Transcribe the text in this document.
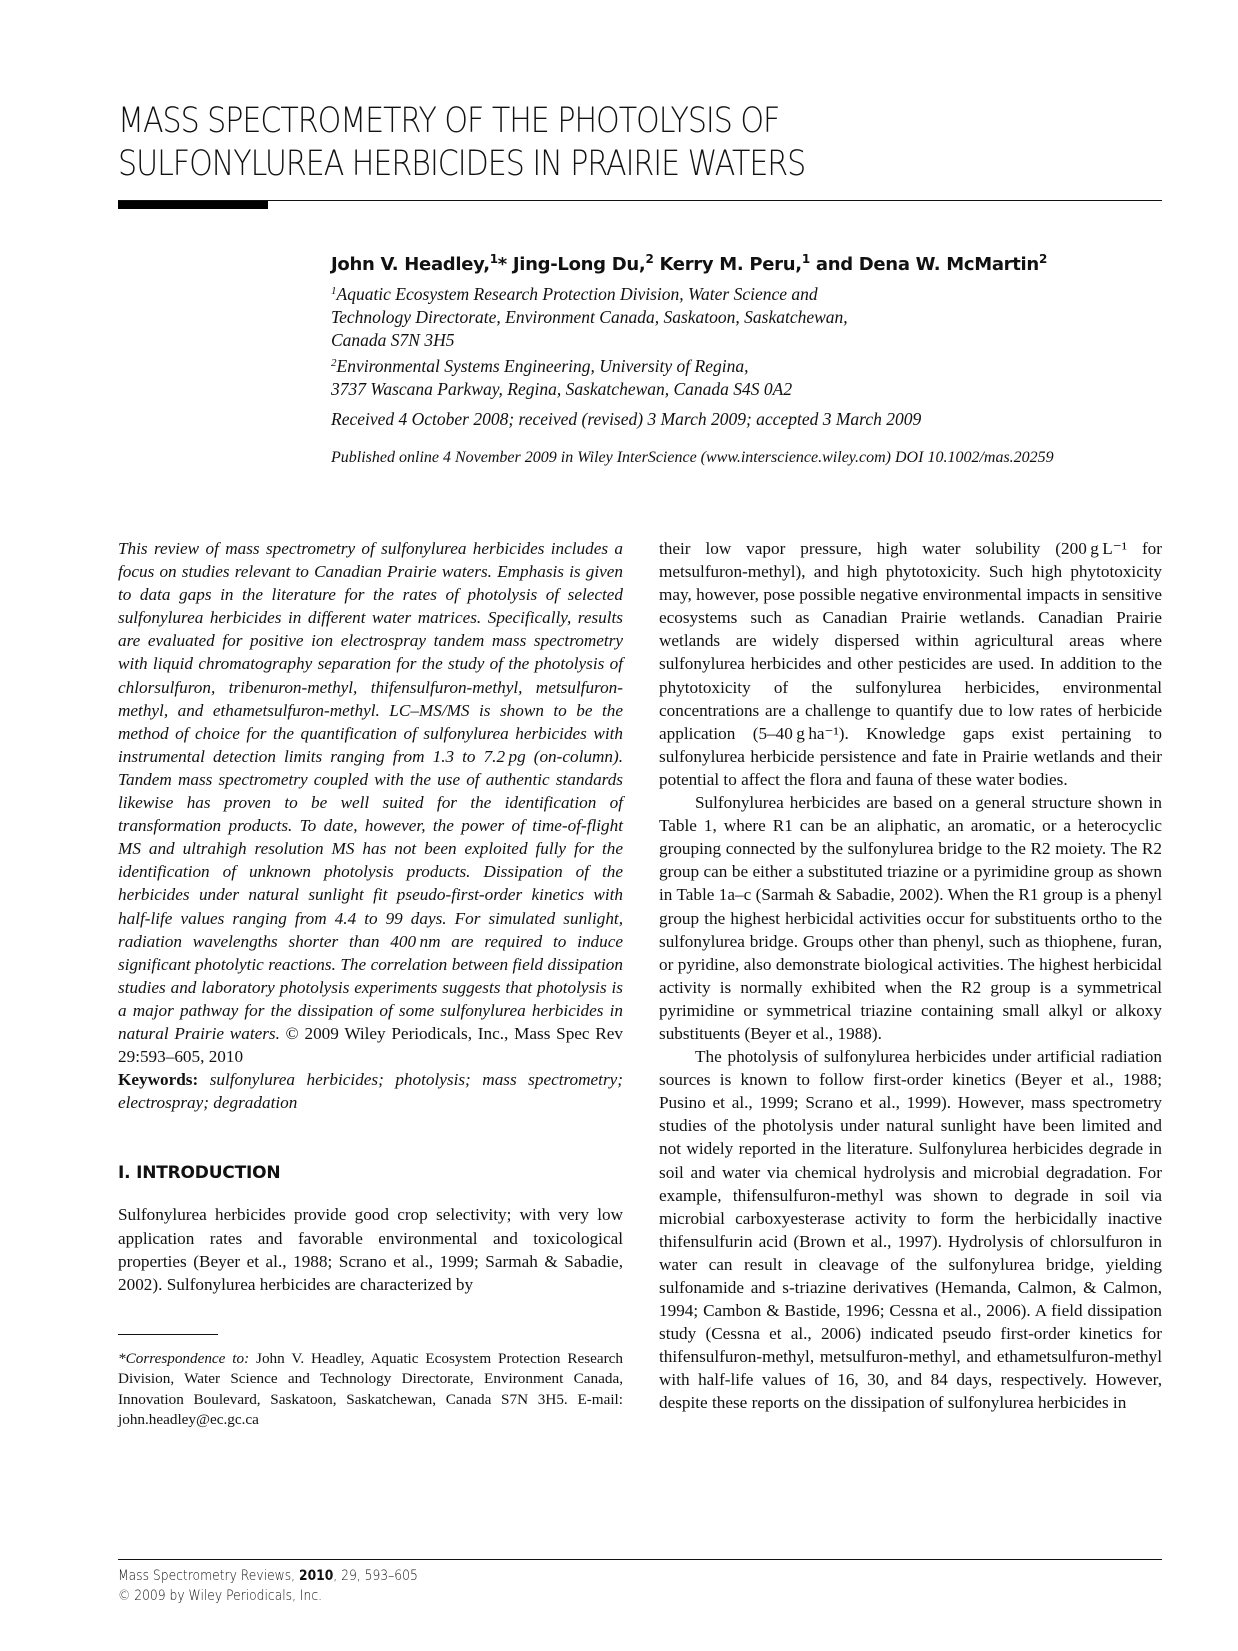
MASS SPECTROMETRY OF THE PHOTOLYSIS OF
SULFONYLUREA HERBICIDES IN PRAIRIE WATERS
John V. Headley,$^1$* Jing-Long Du,$^2$ Kerry M. Peru,$^1$ and Dena W. McMartin$^2$
$^1$Aquatic Ecosystem Research Protection Division, Water Science and
Technology Directorate, Environment Canada, Saskatoon, Saskatchewan,
Canada S7N 3H5
$^2$Environmental Systems Engineering, University of Regina,
3737 Wascana Parkway, Regina, Saskatchewan, Canada S4S 0A2
Received 4 October 2008; received (revised) 3 March 2009; accepted 3 March 2009
Published online 4 November 2009 in Wiley InterScience (www.interscience.wiley.com) DOI 10.1002/mas.20259

This review of mass spectrometry of sulfonylurea herbicides includes a focus on studies relevant to Canadian Prairie waters. Emphasis is given to data gaps in the literature for the rates of photolysis of selected sulfonylurea herbicides in different water matrices. Specifically, results are evaluated for positive ion electrospray tandem mass spectrometry with liquid chromatography separation for the study of the photolysis of chlorsulfuron, tribenuron-methyl, thifensulfuron-methyl, metsulfuron-methyl, and ethametsulfuron-methyl. LC–MS/MS is shown to be the method of choice for the quantification of sulfonylurea herbicides with instrumental detection limits ranging from 1.3 to 7.2 pg (on-column). Tandem mass spectrometry coupled with the use of authentic standards likewise has proven to be well suited for the identification of transformation products. To date, however, the power of time-of-flight MS and ultrahigh resolution MS has not been exploited fully for the identification of unknown photolysis products. Dissipation of the herbicides under natural sunlight fit pseudo-first-order kinetics with half-life values ranging from 4.4 to 99 days. For simulated sunlight, radiation wavelengths shorter than 400 nm are required to induce significant photolytic reactions. The correlation between field dissipation studies and laboratory photolysis experiments suggests that photolysis is a major pathway for the dissipation of some sulfonylurea herbicides in natural Prairie waters. © 2009 Wiley Periodicals, Inc., Mass Spec Rev 29:593–605, 2010

Keywords: sulfonylurea herbicides; photolysis; mass spectrometry; electrospray; degradation

I. INTRODUCTION

Sulfonylurea herbicides provide good crop selectivity; with very low application rates and favorable environmental and toxicological properties (Beyer et al., 1988; Scrano et al., 1999; Sarmah & Sabadie, 2002). Sulfonylurea herbicides are characterized by

*Correspondence to: John V. Headley, Aquatic Ecosystem Protection Research Division, Water Science and Technology Directorate, Environment Canada, Innovation Boulevard, Saskatoon, Saskatchewan, Canada S7N 3H5. E-mail: john.headley@ec.gc.ca

their low vapor pressure, high water solubility (200 g L⁻¹ for metsulfuron-methyl), and high phytotoxicity. Such high phytotoxicity may, however, pose possible negative environmental impacts in sensitive ecosystems such as Canadian Prairie wetlands. Canadian Prairie wetlands are widely dispersed within agricultural areas where sulfonylurea herbicides and other pesticides are used. In addition to the phytotoxicity of the sulfonylurea herbicides, environmental concentrations are a challenge to quantify due to low rates of herbicide application (5–40 g ha⁻¹). Knowledge gaps exist pertaining to sulfonylurea herbicide persistence and fate in Prairie wetlands and their potential to affect the flora and fauna of these water bodies.

Sulfonylurea herbicides are based on a general structure shown in Table 1, where R1 can be an aliphatic, an aromatic, or a heterocyclic grouping connected by the sulfonylurea bridge to the R2 moiety. The R2 group can be either a substituted triazine or a pyrimidine group as shown in Table 1a–c (Sarmah & Sabadie, 2002). When the R1 group is a phenyl group the highest herbicidal activities occur for substituents ortho to the sulfonylurea bridge. Groups other than phenyl, such as thiophene, furan, or pyridine, also demonstrate biological activities. The highest herbicidal activity is normally exhibited when the R2 group is a symmetrical pyrimidine or symmetrical triazine containing small alkyl or alkoxy substituents (Beyer et al., 1988).

The photolysis of sulfonylurea herbicides under artificial radiation sources is known to follow first-order kinetics (Beyer et al., 1988; Pusino et al., 1999; Scrano et al., 1999). However, mass spectrometry studies of the photolysis under natural sunlight have been limited and not widely reported in the literature. Sulfonylurea herbicides degrade in soil and water via chemical hydrolysis and microbial degradation. For example, thifensulfuron-methyl was shown to degrade in soil via microbial carboxyesterase activity to form the herbicidally inactive thifensulfurin acid (Brown et al., 1997). Hydrolysis of chlorsulfuron in water can result in cleavage of the sulfonylurea bridge, yielding sulfonamide and s-triazine derivatives (Hemanda, Calmon, & Calmon, 1994; Cambon & Bastide, 1996; Cessna et al., 2006). A field dissipation study (Cessna et al., 2006) indicated pseudo first-order kinetics for thifensulfuron-methyl, metsulfuron-methyl, and ethametsulfuron-methyl with half-life values of 16, 30, and 84 days, respectively. However, despite these reports on the dissipation of sulfonylurea herbicides in

Mass Spectrometry Reviews, 2010, 29, 593–605
© 2009 by Wiley Periodicals, Inc.
